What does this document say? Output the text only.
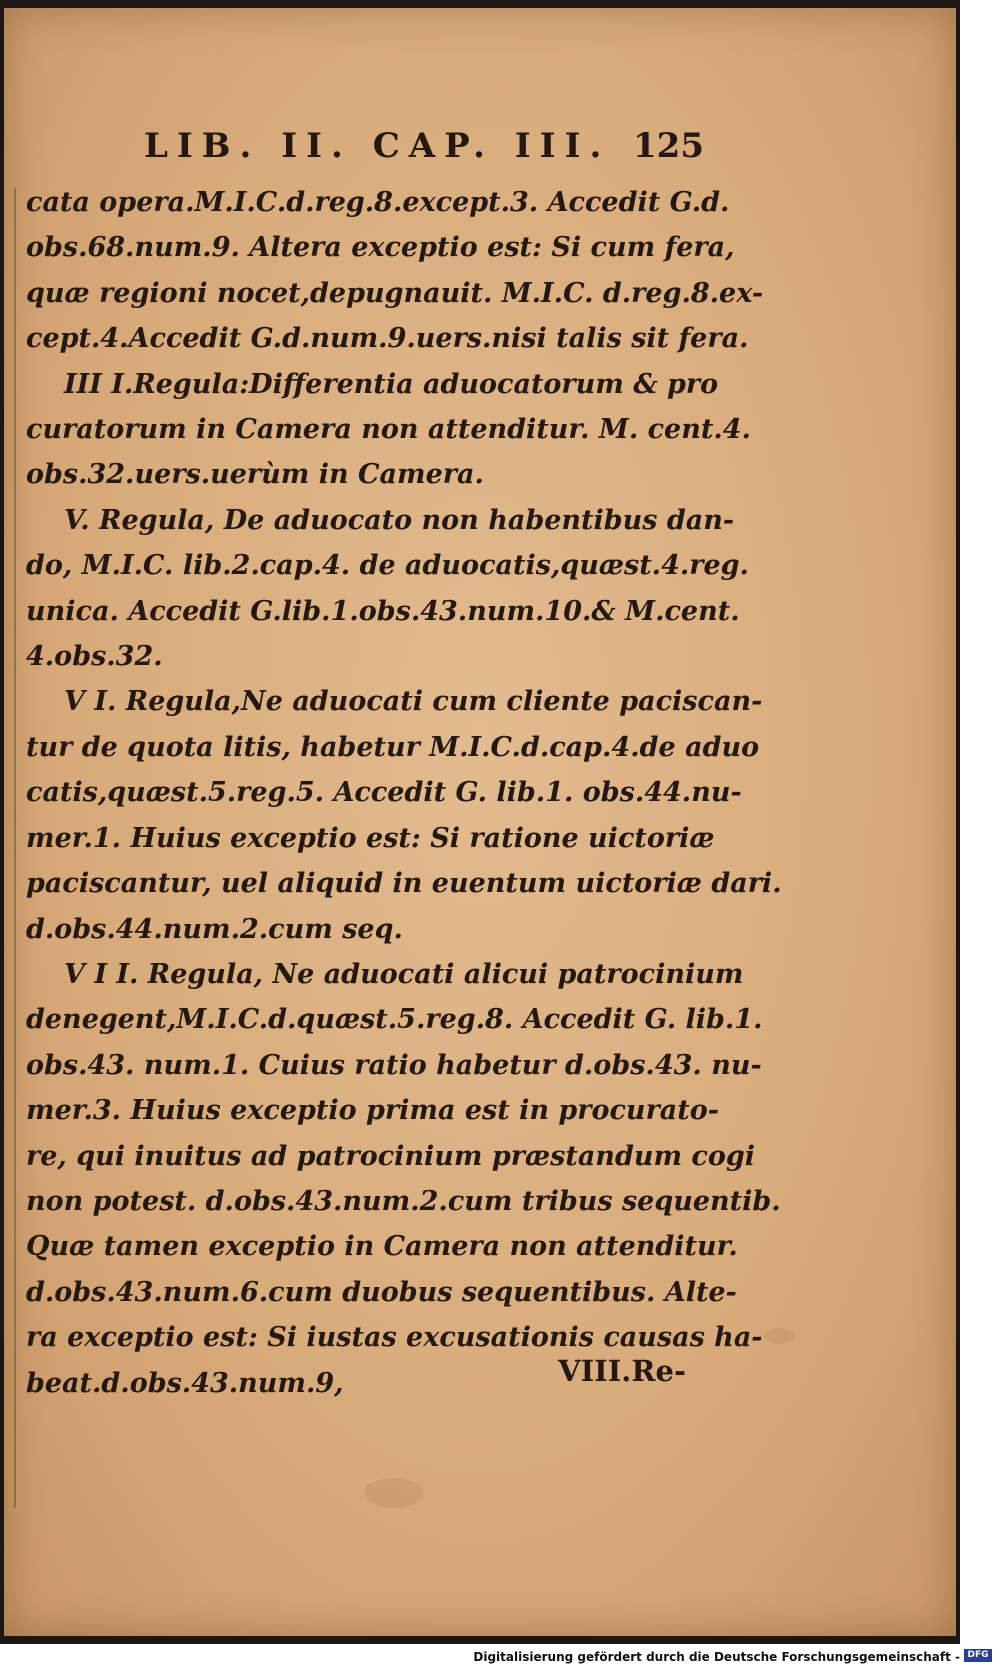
LIB. II. CAP. III. 125
cata opera.M.I.C.d.reg.8.except.3. Accedit G.d.
obs.68.num.9. Altera exceptio est: Si cum fera,
quæ regioni nocet,depugnauit. M.I.C. d.reg.8.ex-
cept.4.Accedit G.d.num.9.uers.nisi talis sit fera.
III I.Regula:Differentia aduocatorum & pro
curatorum in Camera non attenditur. M. cent.4.
obs.32.uers.uerùm in Camera.
V. Regula, De aduocato non habentibus dan-
do, M.I.C. lib.2.cap.4. de aduocatis,quæst.4.reg.
unica. Accedit G.lib.1.obs.43.num.10.& M.cent.
4.obs.32.
V I. Regula,Ne aduocati cum cliente paciscan-
tur de quota litis, habetur M.I.C.d.cap.4.de aduo
catis,quæst.5.reg.5. Accedit G. lib.1. obs.44.nu-
mer.1. Huius exceptio est: Si ratione uictoriæ
paciscantur, uel aliquid in euentum uictoriæ dari.
d.obs.44.num.2.cum seq.
V I I. Regula, Ne aduocati alicui patrocinium
denegent,M.I.C.d.quæst.5.reg.8. Accedit G. lib.1.
obs.43. num.1. Cuius ratio habetur d.obs.43. nu-
mer.3. Huius exceptio prima est in procurato-
re, qui inuitus ad patrocinium præstandum cogi
non potest. d.obs.43.num.2.cum tribus sequentib.
Quæ tamen exceptio in Camera non attenditur.
d.obs.43.num.6.cum duobus sequentibus. Alte-
ra exceptio est: Si iustas excusationis causas ha-
beat.d.obs.43.num.9,	VIII.Re-
Digitalisierung gefördert durch die Deutsche Forschungsgemeinschaft - DFG
